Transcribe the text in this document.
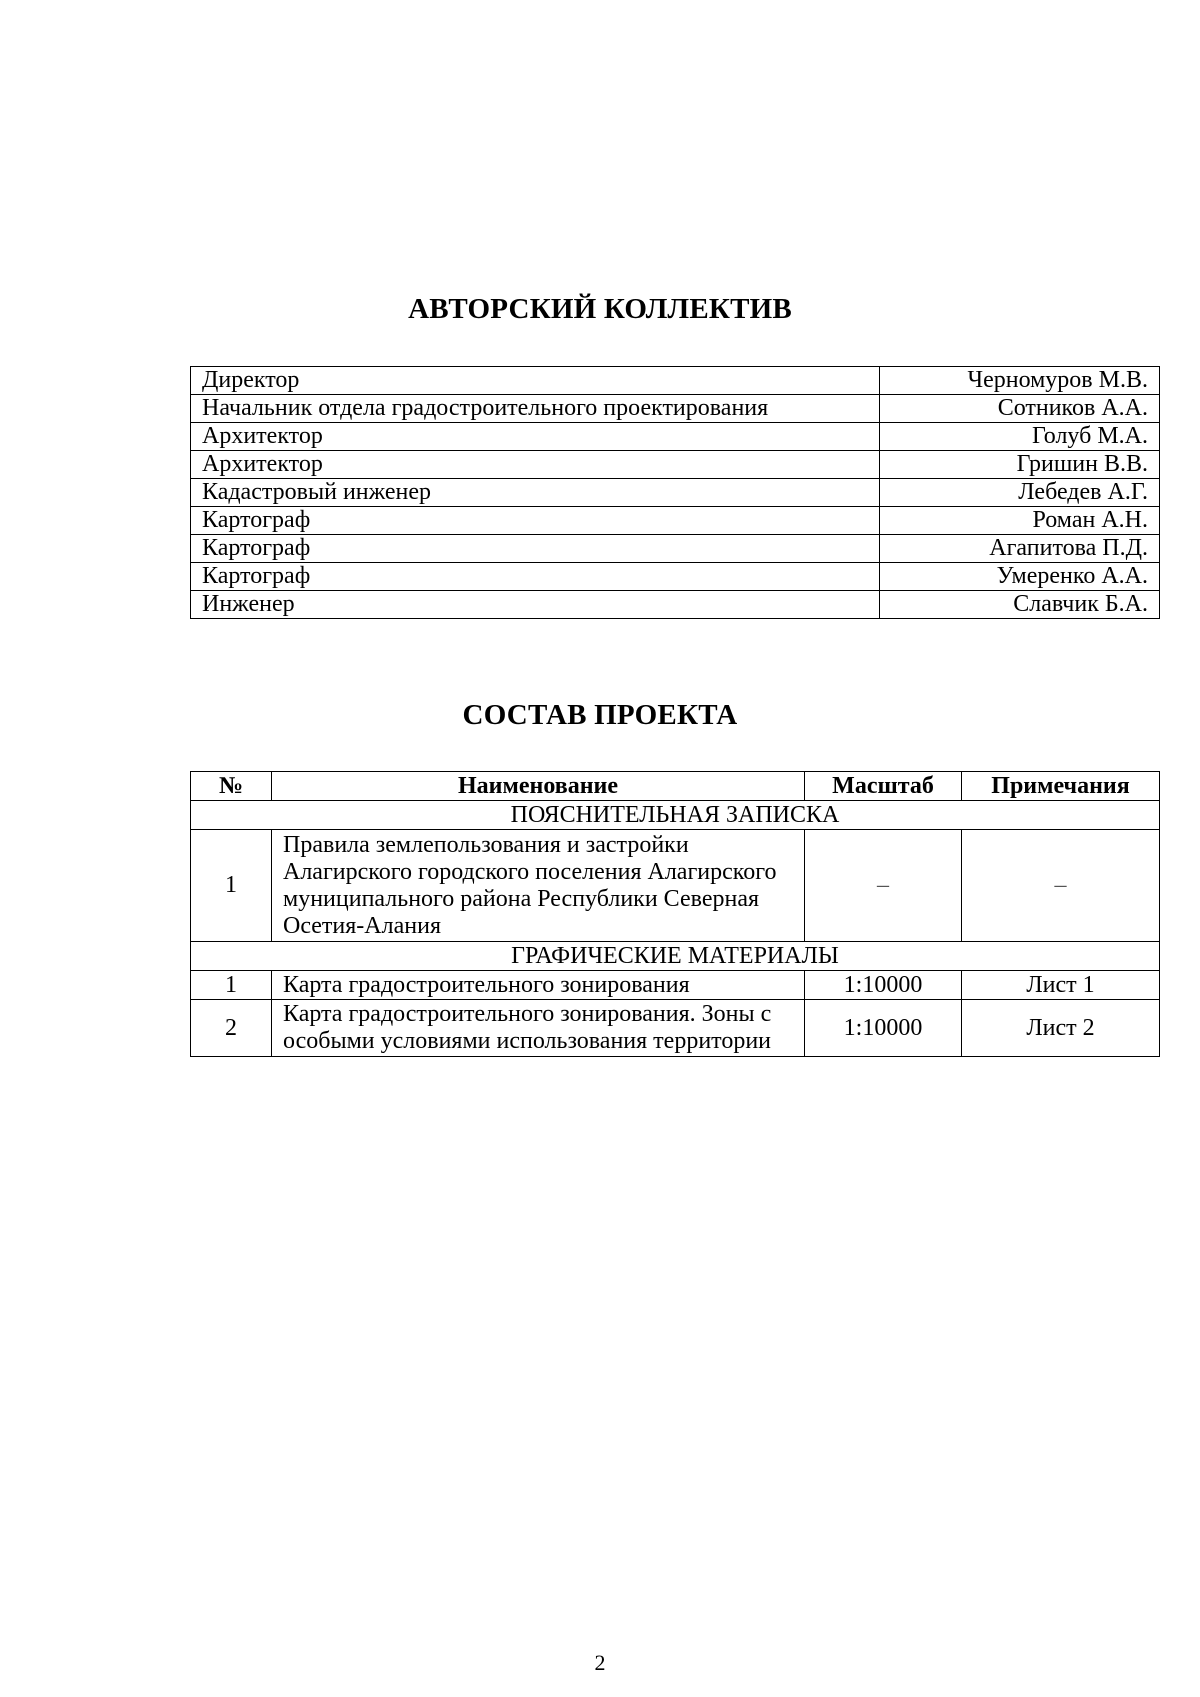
АВТОРСКИЙ КОЛЛЕКТИВ
Директор	Черномуров М.В.
Начальник отдела градостроительного проектирования	Сотников А.А.
Архитектор	Голуб М.А.
Архитектор	Гришин В.В.
Кадастровый инженер	Лебедев А.Г.
Картограф	Роман А.Н.
Картограф	Агапитова П.Д.
Картограф	Умеренко А.А.
Инженер	Славчик Б.А.
СОСТАВ ПРОЕКТА
№	Наименование	Масштаб	Примечания
ПОЯСНИТЕЛЬНАЯ ЗАПИСКА			
1	Правила землепользования и застройки Алагирского городского поселения Алагирского муниципального района Республики Северная Осетия-Алания	–	–
ГРАФИЧЕСКИЕ МАТЕРИАЛЫ			
1	Карта градостроительного зонирования	1:10000	Лист 1
2	Карта градостроительного зонирования. Зоны с особыми условиями использования территории	1:10000	Лист 2
2
